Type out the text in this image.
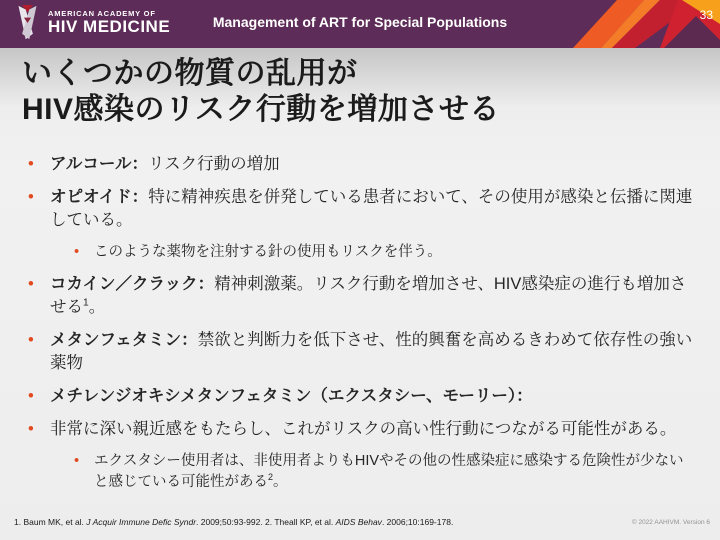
AMERICAN ACADEMY OF
HIV MEDICINE	Management of ART for Special Populations	33
いくつかの物質の乱用が
HIV感染のリスク行動を増加させる
• アルコール：リスク行動の増加
• オピオイド：特に精神疾患を併発している患者において、その使用が感染と伝播に関連している。
•	このような薬物を注射する針の使用もリスクを伴う。
• コカイン／クラック：精神刺激薬。リスク行動を増加させ、HIV感染症の進行も増加させる$^1$。
• メタンフェタミン：禁欲と判断力を低下させ、性的興奮を高めるきわめて依存性の強い薬物
• メチレンジオキシメタンフェタミン（エクスタシー、モーリー）：
• 非常に深い親近感をもたらし、これがリスクの高い性行動につながる可能性がある。
•	エクスタシー使用者は、非使用者よりもHIVやその他の性感染症に感染する危険性が少ないと感じている可能性がある$^2$。
1. Baum MK, et al. J Acquir Immune Defic Syndr. 2009;50:93-992. 2. Theall KP, et al. AIDS Behav. 2006;10:169-178.	© 2022 AAHIVM. Version 6
